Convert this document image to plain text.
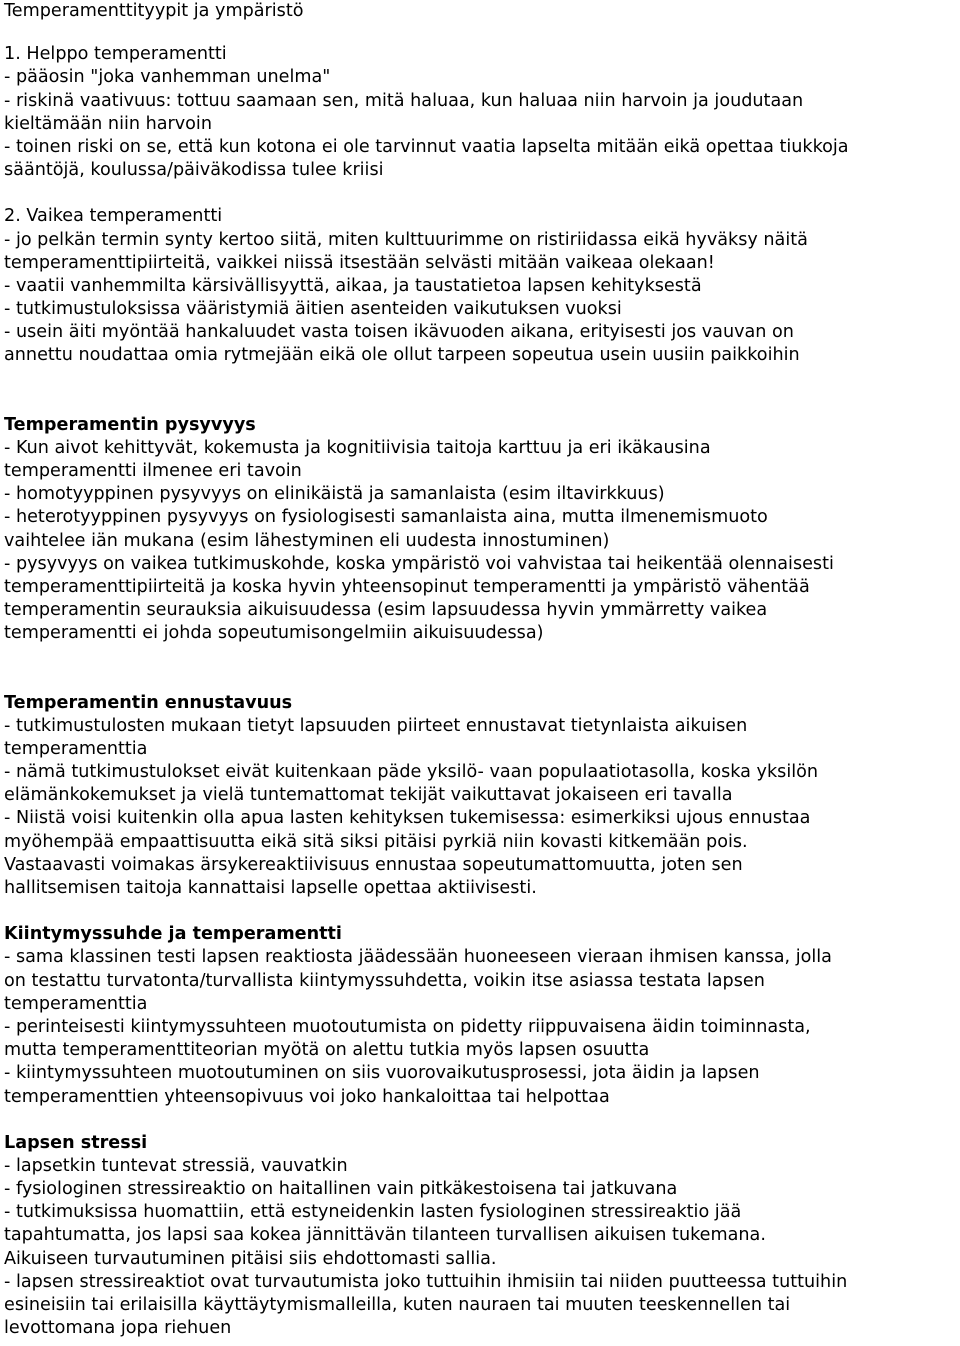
Temperamenttityypit ja ympäristö
1. Helppo temperamentti
- pääosin "joka vanhemman unelma"
- riskinä vaativuus: tottuu saamaan sen, mitä haluaa, kun haluaa niin harvoin ja joudutaan
kieltämään niin harvoin
- toinen riski on se, että kun kotona ei ole tarvinnut vaatia lapselta mitään eikä opettaa tiukkoja
sääntöjä, koulussa/päiväkodissa tulee kriisi
2. Vaikea temperamentti
- jo pelkän termin synty kertoo siitä, miten kulttuurimme on ristiriidassa eikä hyväksy näitä
temperamenttipiirteitä, vaikkei niissä itsestään selvästi mitään vaikeaa olekaan!
- vaatii vanhemmilta kärsivällisyyttä, aikaa, ja taustatietoa lapsen kehityksestä
- tutkimustuloksissa vääristymiä äitien asenteiden vaikutuksen vuoksi
- usein äiti myöntää hankaluudet vasta toisen ikävuoden aikana, erityisesti jos vauvan on
annettu noudattaa omia rytmejään eikä ole ollut tarpeen sopeutua usein uusiin paikkoihin
Temperamentin pysyvyys
- Kun aivot kehittyvät, kokemusta ja kognitiivisia taitoja karttuu ja eri ikäkausina
temperamentti ilmenee eri tavoin
- homotyyppinen pysyvyys on elinikäistä ja samanlaista (esim iltavirkkuus)
- heterotyyppinen pysyvyys on fysiologisesti samanlaista aina, mutta ilmenemismuoto
vaihtelee iän mukana (esim lähestyminen eli uudesta innostuminen)
- pysyvyys on vaikea tutkimuskohde, koska ympäristö voi vahvistaa tai heikentää olennaisesti
temperamenttipiirteitä ja koska hyvin yhteensopinut temperamentti ja ympäristö vähentää
temperamentin seurauksia aikuisuudessa (esim lapsuudessa hyvin ymmärretty vaikea
temperamentti ei johda sopeutumisongelmiin aikuisuudessa)
Temperamentin ennustavuus
- tutkimustulosten mukaan tietyt lapsuuden piirteet ennustavat tietynlaista aikuisen
temperamenttia
- nämä tutkimustulokset eivät kuitenkaan päde yksilö- vaan populaatiotasolla, koska yksilön
elämänkokemukset ja vielä tuntemattomat tekijät vaikuttavat jokaiseen eri tavalla
- Niistä voisi kuitenkin olla apua lasten kehityksen tukemisessa: esimerkiksi ujous ennustaa
myöhempää empaattisuutta eikä sitä siksi pitäisi pyrkiä niin kovasti kitkemään pois.
Vastaavasti voimakas ärsykereaktiivisuus ennustaa sopeutumattomuutta, joten sen
hallitsemisen taitoja kannattaisi lapselle opettaa aktiivisesti.
Kiintymyssuhde ja temperamentti
- sama klassinen testi lapsen reaktiosta jäädessään huoneeseen vieraan ihmisen kanssa, jolla
on testattu turvatonta/turvallista kiintymyssuhdetta, voikin itse asiassa testata lapsen
temperamenttia
- perinteisesti kiintymyssuhteen muotoutumista on pidetty riippuvaisena äidin toiminnasta,
mutta temperamenttiteorian myötä on alettu tutkia myös lapsen osuutta
- kiintymyssuhteen muotoutuminen on siis vuorovaikutusprosessi, jota äidin ja lapsen
temperamenttien yhteensopivuus voi joko hankaloittaa tai helpottaa
Lapsen stressi
- lapsetkin tuntevat stressiä, vauvatkin
- fysiologinen stressireaktio on haitallinen vain pitkäkestoisena tai jatkuvana
- tutkimuksissa huomattiin, että estyneidenkin lasten fysiologinen stressireaktio jää
tapahtumatta, jos lapsi saa kokea jännittävän tilanteen turvallisen aikuisen tukemana.
Aikuiseen turvautuminen pitäisi siis ehdottomasti sallia.
- lapsen stressireaktiot ovat turvautumista joko tuttuihin ihmisiin tai niiden puutteessa tuttuihin
esineisiin tai erilaisilla käyttäytymismalleilla, kuten nauraen tai muuten teeskennellen tai
levottomana jopa riehuen
